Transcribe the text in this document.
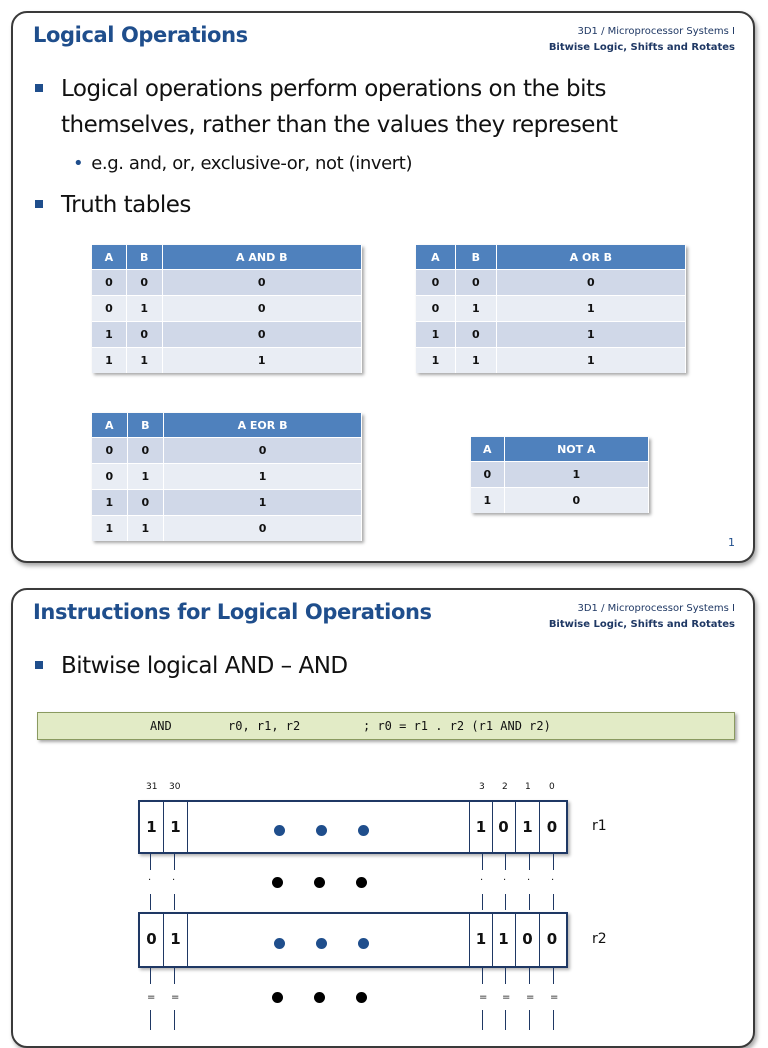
Logical Operations	3D1 / Microprocessor Systems I
Bitwise Logic, Shifts and Rotates
Logical operations perform operations on the bits themselves, rather than the values they represent
• e.g. and, or, exclusive-or, not (invert)
Truth tables
A	B	A AND B
0	0	0
0	1	0
1	0	0
1	1	1
A	B	A OR B
0	0	0
0	1	1
1	0	1
1	1	1
A	B	A EOR B
0	0	0
0	1	1
1	0	1
1	1	0
A	NOT A
0	1
1	0
1
Instructions for Logical Operations	3D1 / Microprocessor Systems I
Bitwise Logic, Shifts and Rotates
Bitwise logical AND – AND

AND

	r0, r1, r2

	; r0 = r1 . r2 (r1 AND r2)

31 30	3 2 1 0
1 1	1 0 1 0	r1
. .	. . . .
0 1	1 1 0 0	r2
= =	= = = =
